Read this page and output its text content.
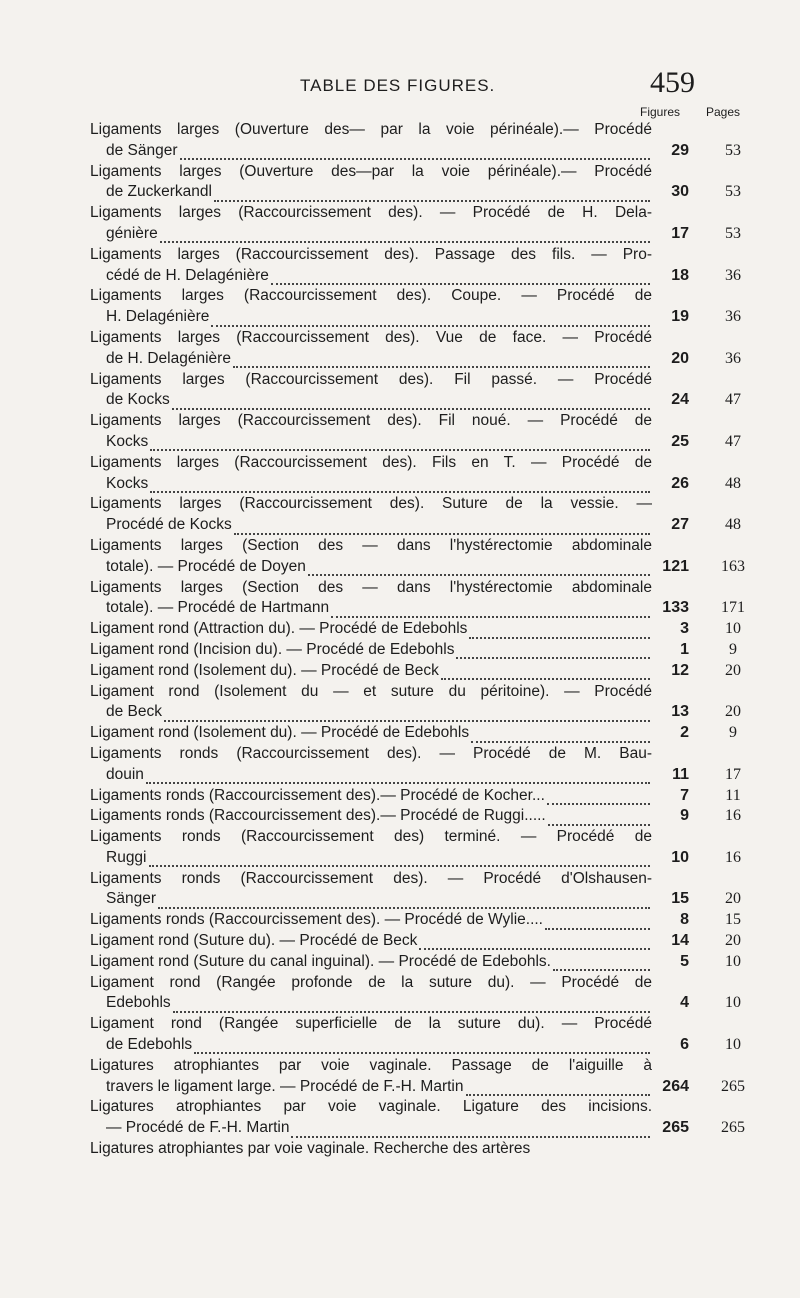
TABLE DES FIGURES.	459
Figures Pages
Ligaments larges (Ouverture des— par la voie périnéale).— Procédé
de Sänger	29	53
Ligaments larges (Ouverture des—par la voie périnéale).— Procédé
de Zuckerkandl	30	53
Ligaments larges (Raccourcissement des). — Procédé de H. Dela-
génière	17	53
Ligaments larges (Raccourcissement des). Passage des fils. — Pro-
cédé de H. Delagénière	18	36
Ligaments larges (Raccourcissement des). Coupe. — Procédé de
H. Delagénière	19	36
Ligaments larges (Raccourcissement des). Vue de face. — Procédé
de H. Delagénière	20	36
Ligaments larges (Raccourcissement des). Fil passé. — Procédé
de Kocks	24	47
Ligaments larges (Raccourcissement des). Fil noué. — Procédé de
Kocks	25	47
Ligaments larges (Raccourcissement des). Fils en T. — Procédé de
Kocks	26	48
Ligaments larges (Raccourcissement des). Suture de la vessie. —
Procédé de Kocks	27	48
Ligaments larges (Section des — dans l'hystérectomie abdominale
totale). — Procédé de Doyen	121	163
Ligaments larges (Section des — dans l'hystérectomie abdominale
totale). — Procédé de Hartmann	133	171
Ligament rond (Attraction du). — Procédé de Edebohls	3	10
Ligament rond (Incision du). — Procédé de Edebohls	1	9
Ligament rond (Isolement du). — Procédé de Beck	12	20
Ligament rond (Isolement du — et suture du péritoine). — Procédé
de Beck	13	20
Ligament rond (Isolement du). — Procédé de Edebohls	2	9
Ligaments ronds (Raccourcissement des). — Procédé de M. Bau-
douin	11	17
Ligaments ronds (Raccourcissement des).— Procédé de Kocher...	7	11
Ligaments ronds (Raccourcissement des).— Procédé de Ruggi.....	9	16
Ligaments ronds (Raccourcissement des) terminé. — Procédé de
Ruggi	10	16
Ligaments ronds (Raccourcissement des). — Procédé d'Olshausen-
Sänger	15	20
Ligaments ronds (Raccourcissement des). — Procédé de Wylie....	8	15
Ligament rond (Suture du). — Procédé de Beck	14	20
Ligament rond (Suture du canal inguinal). — Procédé de Edebohls.	5	10
Ligament rond (Rangée profonde de la suture du). — Procédé de
Edebohls	4	10
Ligament rond (Rangée superficielle de la suture du). — Procédé
de Edebohls	6	10
Ligatures atrophiantes par voie vaginale. Passage de l'aiguille à
travers le ligament large. — Procédé de F.-H. Martin	264	265
Ligatures atrophiantes par voie vaginale. Ligature des incisions.
— Procédé de F.-H. Martin	265	265
Ligatures atrophiantes par voie vaginale. Recherche des artères
